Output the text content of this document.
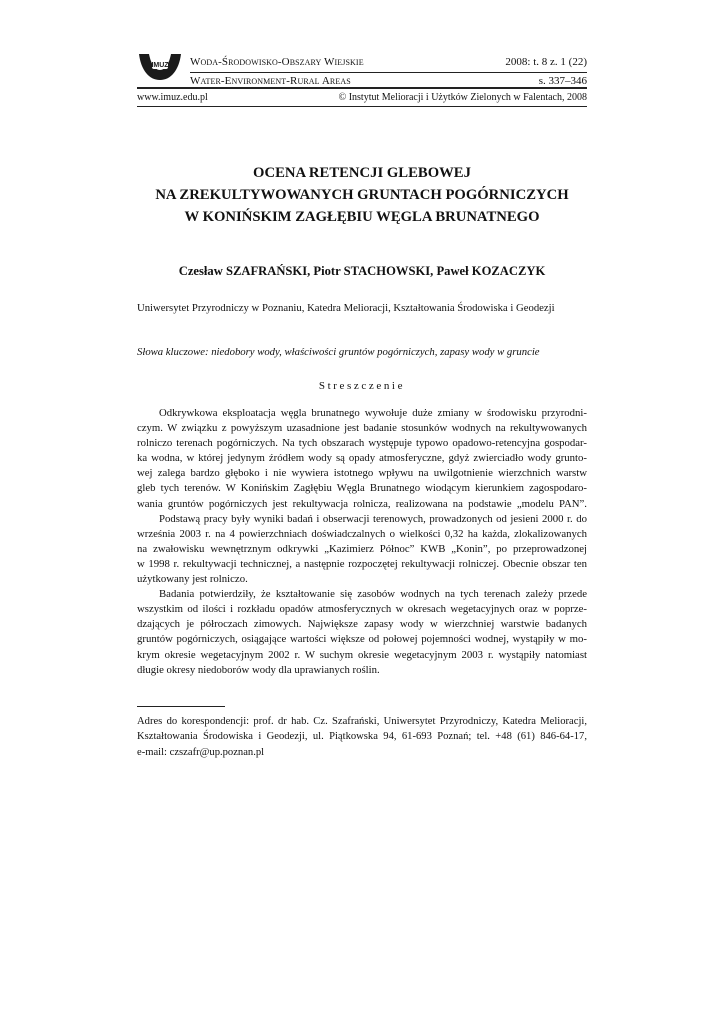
IMUZ Woda-Środowisko-Obszary Wiejskie	2008: t. 8 z. 1 (22)
Water-Environment-Rural Areas	s. 337–346
www.imuz.edu.pl	© Instytut Melioracji i Użytków Zielonych w Falentach, 2008
OCENA RETENCJI GLEBOWEJ
NA ZREKULTYWOWANYCH GRUNTACH POGÓRNICZYCH
W KONIŃSKIM ZAGŁĘBIU WĘGLA BRUNATNEGO
Czesław SZAFRAŃSKI, Piotr STACHOWSKI, Paweł KOZACZYK
Uniwersytet Przyrodniczy w Poznaniu, Katedra Melioracji, Kształtowania Środowiska i Geodezji
Słowa kluczowe: niedobory wody, właściwości gruntów pogórniczych, zapasy wody w gruncie
Streszczenie
Odkrywkowa eksploatacja węgla brunatnego wywołuje duże zmiany w środowisku przyrodni-
czym. W związku z powyższym uzasadnione jest badanie stosunków wodnych na rekultywowanych
rolniczo terenach pogórniczych. Na tych obszarach występuje typowo opadowo-retencyjna gospodar-
ka wodna, w której jedynym źródłem wody są opady atmosferyczne, gdyż zwierciadło wody grunto-
wej zalega bardzo głęboko i nie wywiera istotnego wpływu na uwilgotnienie wierzchnich warstw
gleb tych terenów. W Konińskim Zagłębiu Węgla Brunatnego wiodącym kierunkiem zagospodaro-
wania gruntów pogórniczych jest rekultywacja rolnicza, realizowana na podstawie „modelu PAN”.
Podstawą pracy były wyniki badań i obserwacji terenowych, prowadzonych od jesieni 2000 r. do
września 2003 r. na 4 powierzchniach doświadczalnych o wielkości 0,32 ha każda, zlokalizowanych
na zwałowisku wewnętrznym odkrywki „Kazimierz Północ” KWB „Konin”, po przeprowadzonej
w 1998 r. rekultywacji technicznej, a następnie rozpoczętej rekultywacji rolniczej. Obecnie obszar ten
użytkowany jest rolniczo.
Badania potwierdziły, że kształtowanie się zasobów wodnych na tych terenach zależy przede
wszystkim od ilości i rozkładu opadów atmosferycznych w okresach wegetacyjnych oraz w poprze-
dzających je półroczach zimowych. Największe zapasy wody w wierzchniej warstwie badanych
gruntów pogórniczych, osiągające wartości większe od połowej pojemności wodnej, wystąpiły w mo-
krym okresie wegetacyjnym 2002 r. W suchym okresie wegetacyjnym 2003 r. wystąpiły natomiast
długie okresy niedoborów wody dla uprawianych roślin.
Adres do korespondencji: prof. dr hab. Cz. Szafrański, Uniwersytet Przyrodniczy, Katedra Melioracji,
Kształtowania Środowiska i Geodezji, ul. Piątkowska 94, 61-693 Poznań; tel. +48 (61) 846-64-17,
e-mail: czszafr@up.poznan.pl
